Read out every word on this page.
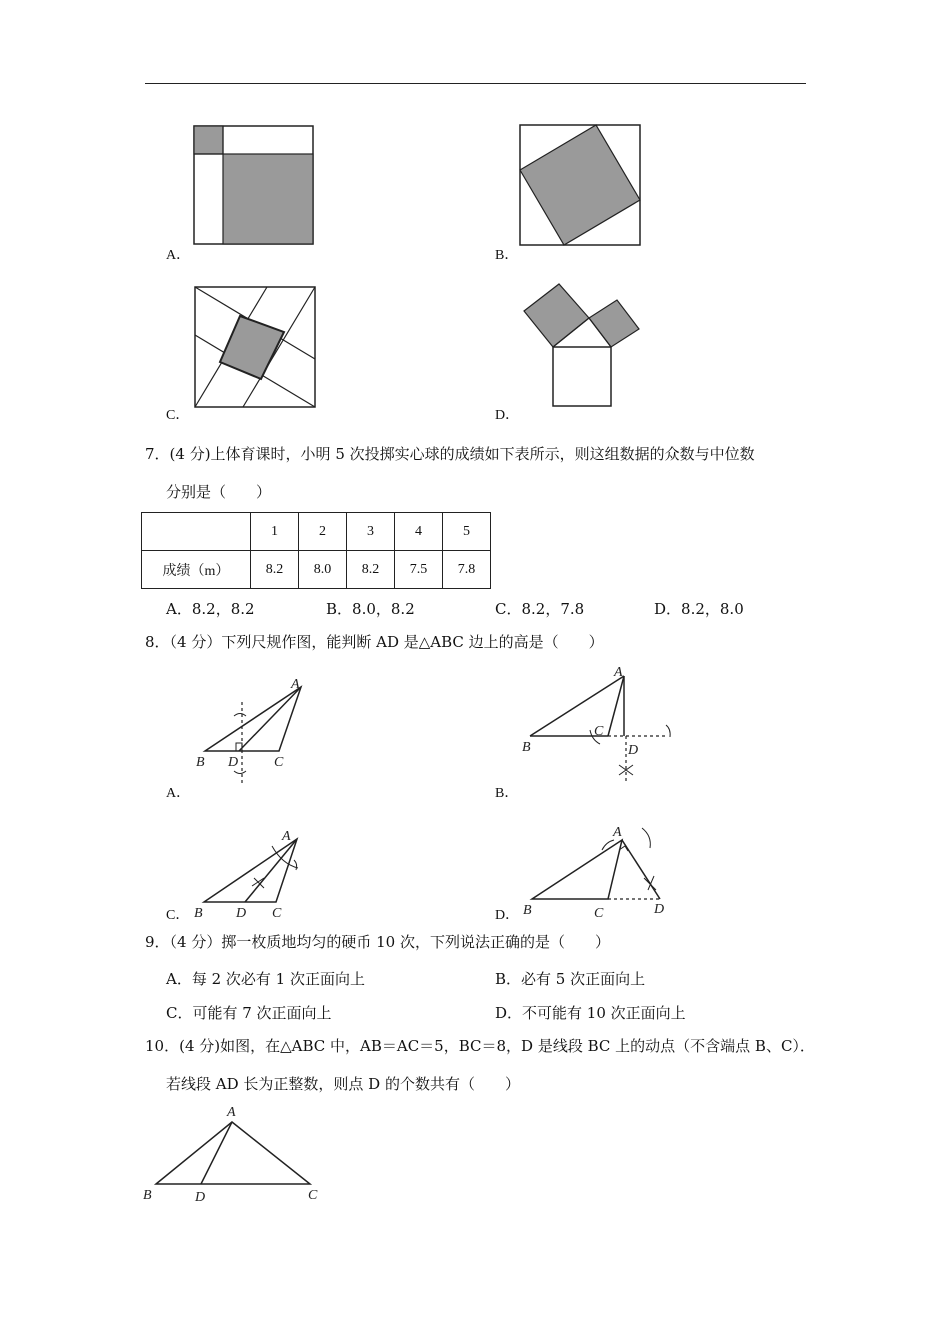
A．	B．
C．	D．
7．(4 分)上体育课时，小明 5 次投掷实心球的成绩如下表所示，则这组数据的众数与中位数
分别是（　　）
	1	2	3	4	5
成绩（m）	8.2	8.0	8.2	7.5	7.8
A．8.2，8.2	B．8.0，8.2	C．8.2，7.8	D．8.2，8.0
8．（4 分）下列尺规作图，能判断 AD 是△ABC 边上的高是（　　）
B D	C
A
A．
B
C
D
A
B．
B D C
A
C．	B	C	D
A
D．
9．（4 分）掷一枚质地均匀的硬币 10 次，下列说法正确的是（　　）
A．每 2 次必有 1 次正面向上	B．必有 5 次正面向上
C．可能有 7 次正面向上	D．不可能有 10 次正面向上
10．(4 分)如图，在△ABC 中，AB＝AC＝5，BC＝8，D 是线段 BC 上的动点（不含端点 B、C）．
若线段 AD 长为正整数，则点 D 的个数共有（　　）
A
B	D	C
